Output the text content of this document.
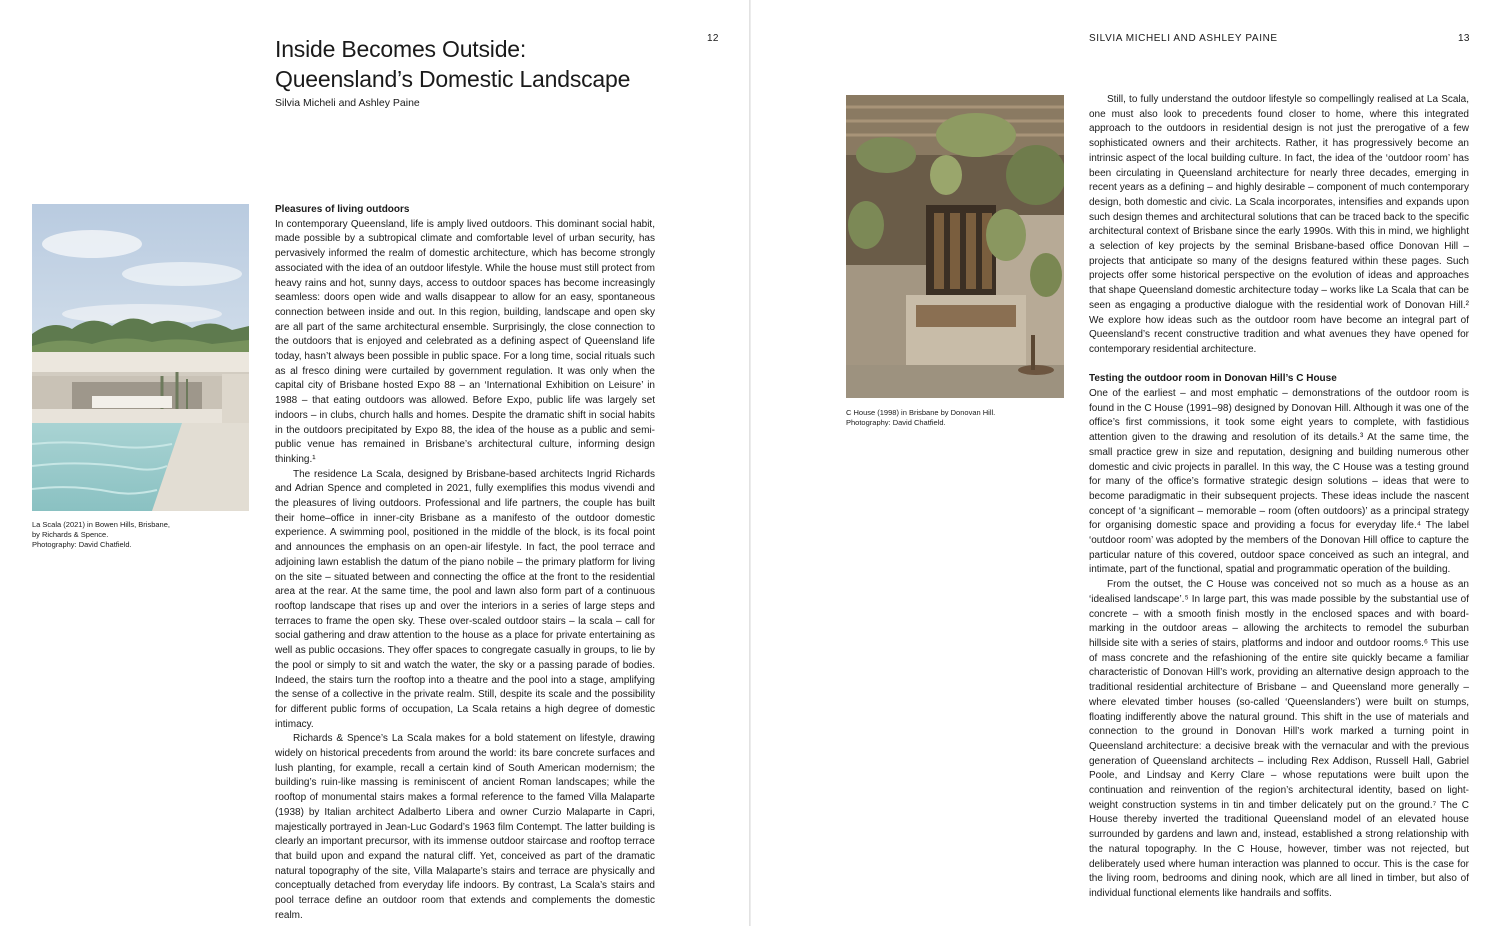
12
Inside Becomes Outside:
Queensland’s Domestic Landscape
Silvia Micheli and Ashley Paine
La Scala (2021) in Bowen Hills, Brisbane,
by Richards & Spence.
Photography: David Chatfield.
Pleasures of living outdoors

In contemporary Queensland, life is amply lived outdoors. This dominant social habit, made possible by a subtropical climate and comfortable level of urban security, has pervasively informed the realm of domestic architecture, which has become strongly associated with the idea of an outdoor lifestyle. While the house must still protect from heavy rains and hot, sunny days, access to outdoor spaces has become increasingly seamless: doors open wide and walls disappear to allow for an easy, spontaneous connection between inside and out. In this region, building, landscape and open sky are all part of the same architectural ensemble. Surprisingly, the close connection to the outdoors that is enjoyed and celebrated as a defining aspect of Queensland life today, hasn’t always been possible in public space. For a long time, social rituals such as al fresco dining were curtailed by government regulation. It was only when the capital city of Brisbane hosted Expo 88 – an ‘International Exhibition on Leisure’ in 1988 – that eating outdoors was allowed. Before Expo, public life was largely set indoors – in clubs, church halls and homes. Despite the dramatic shift in social habits in the outdoors precipitated by Expo 88, the idea of the house as a public and semi-public venue has remained in Brisbane’s architectural culture, informing design thinking.¹

The residence La Scala, designed by Brisbane-based architects Ingrid Richards and Adrian Spence and completed in 2021, fully exemplifies this modus vivendi and the pleasures of living outdoors. Professional and life partners, the couple has built their home–office in inner-city Brisbane as a manifesto of the outdoor domestic experience. A swimming pool, positioned in the middle of the block, is its focal point and announces the emphasis on an open-air lifestyle. In fact, the pool terrace and adjoining lawn establish the datum of the piano nobile – the primary platform for living on the site – situated between and connecting the office at the front to the residential area at the rear. At the same time, the pool and lawn also form part of a continuous rooftop landscape that rises up and over the interiors in a series of large steps and terraces to frame the open sky. These over-scaled outdoor stairs – la scala – call for social gathering and draw attention to the house as a place for private entertaining as well as public occasions. They offer spaces to congregate casually in groups, to lie by the pool or simply to sit and watch the water, the sky or a passing parade of bodies. Indeed, the stairs turn the rooftop into a theatre and the pool into a stage, amplifying the sense of a collective in the private realm. Still, despite its scale and the possibility for different public forms of occupation, La Scala retains a high degree of domestic intimacy.

Richards & Spence’s La Scala makes for a bold statement on lifestyle, drawing widely on historical precedents from around the world: its bare concrete surfaces and lush planting, for example, recall a certain kind of South American modernism; the building’s ruin-like massing is reminiscent of ancient Roman landscapes; while the rooftop of monumental stairs makes a formal reference to the famed Villa Malaparte (1938) by Italian architect Adalberto Libera and owner Curzio Malaparte in Capri, majestically portrayed in Jean-Luc Godard’s 1963 film Contempt. The latter building is clearly an important precursor, with its immense outdoor staircase and rooftop terrace that build upon and expand the natural cliff. Yet, conceived as part of the dramatic natural topography of the site, Villa Malaparte’s stairs and terrace are physically and conceptually detached from everyday life indoors. By contrast, La Scala’s stairs and pool terrace define an outdoor room that extends and complements the domestic realm.

SILVIA MICHELI AND ASHLEY PAINE	13
C House (1998) in Brisbane by Donovan Hill.
Photography: David Chatfield.

Still, to fully understand the outdoor lifestyle so compellingly realised at La Scala, one must also look to precedents found closer to home, where this integrated approach to the outdoors in residential design is not just the prerogative of a few sophisticated owners and their architects. Rather, it has progressively become an intrinsic aspect of the local building culture. In fact, the idea of the ‘outdoor room’ has been circulating in Queensland architecture for nearly three decades, emerging in recent years as a defining – and highly desirable – component of much contemporary design, both domestic and civic. La Scala incorporates, intensifies and expands upon such design themes and architectural solutions that can be traced back to the specific architectural context of Brisbane since the early 1990s. With this in mind, we highlight a selection of key projects by the seminal Brisbane-based office Donovan Hill – projects that anticipate so many of the designs featured within these pages. Such projects offer some historical perspective on the evolution of ideas and approaches that shape Queensland domestic architecture today – works like La Scala that can be seen as engaging a productive dialogue with the residential work of Donovan Hill.² We explore how ideas such as the outdoor room have become an integral part of Queensland’s recent constructive tradition and what avenues they have opened for contemporary residential architecture.

Testing the outdoor room in Donovan Hill’s C House

One of the earliest – and most emphatic – demonstrations of the outdoor room is found in the C House (1991–98) designed by Donovan Hill. Although it was one of the office’s first commissions, it took some eight years to complete, with fastidious attention given to the drawing and resolution of its details.³ At the same time, the small practice grew in size and reputation, designing and building numerous other domestic and civic projects in parallel. In this way, the C House was a testing ground for many of the office’s formative strategic design solutions – ideas that were to become paradigmatic in their subsequent projects. These ideas include the nascent concept of ‘a significant – memorable – room (often outdoors)’ as a principal strategy for organising domestic space and providing a focus for everyday life.⁴ The label ‘outdoor room’ was adopted by the members of the Donovan Hill office to capture the particular nature of this covered, outdoor space conceived as such an integral, and intimate, part of the functional, spatial and programmatic operation of the building.

From the outset, the C House was conceived not so much as a house as an ‘idealised landscape’.⁵ In large part, this was made possible by the substantial use of concrete – with a smooth finish mostly in the enclosed spaces and with board-marking in the outdoor areas – allowing the architects to remodel the suburban hillside site with a series of stairs, platforms and indoor and outdoor rooms.⁶ This use of mass concrete and the refashioning of the entire site quickly became a familiar characteristic of Donovan Hill’s work, providing an alternative design approach to the traditional residential architecture of Brisbane – and Queensland more generally – where elevated timber houses (so-called ‘Queenslanders’) were built on stumps, floating indifferently above the natural ground. This shift in the use of materials and connection to the ground in Donovan Hill’s work marked a turning point in Queensland architecture: a decisive break with the vernacular and with the previous generation of Queensland architects – including Rex Addison, Russell Hall, Gabriel Poole, and Lindsay and Kerry Clare – whose reputations were built upon the continuation and reinvention of the region’s architectural identity, based on light-weight construction systems in tin and timber delicately put on the ground.⁷ The C House thereby inverted the traditional Queensland model of an elevated house surrounded by gardens and lawn and, instead, established a strong relationship with the natural topography. In the C House, however, timber was not rejected, but deliberately used where human interaction was planned to occur. This is the case for the living room, bedrooms and dining nook, which are all lined in timber, but also of individual functional elements like handrails and soffits.
